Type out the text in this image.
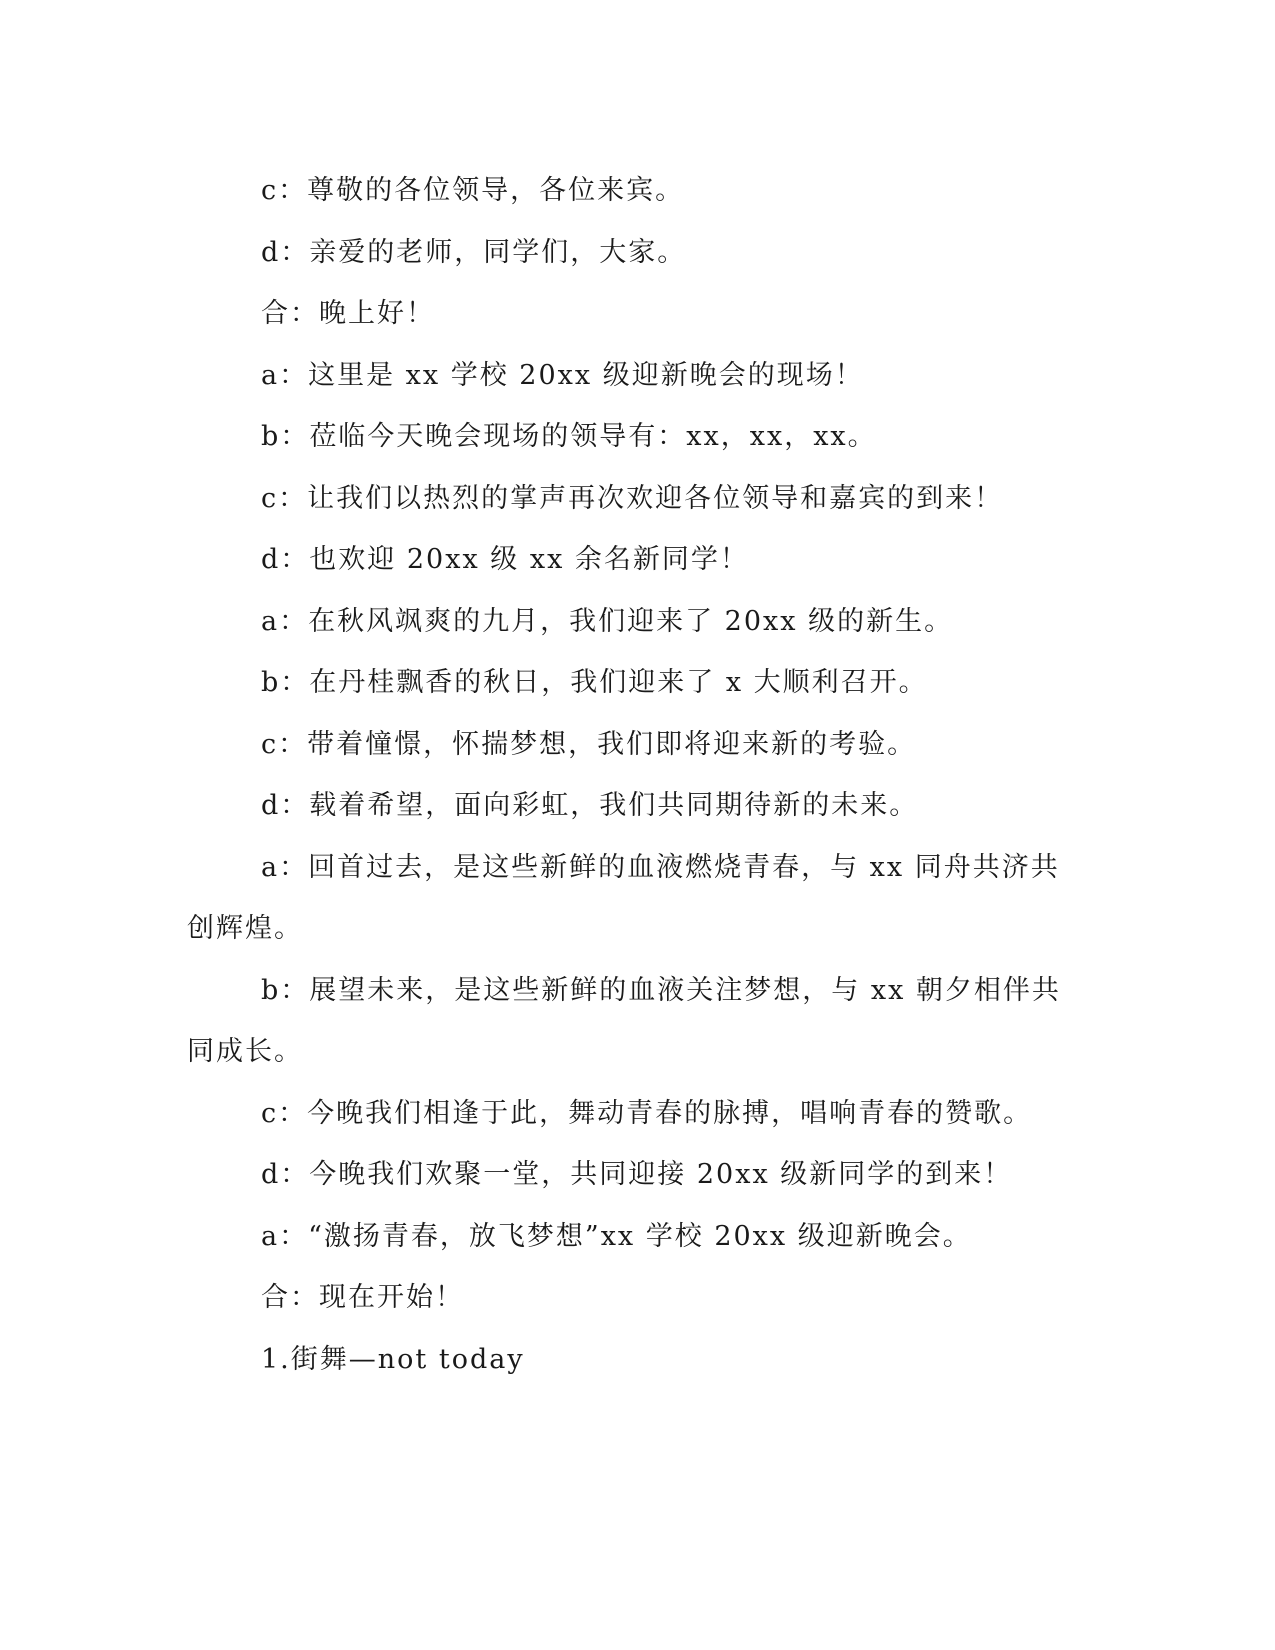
c：尊敬的各位领导，各位来宾。

d：亲爱的老师，同学们，大家。

合：晚上好！

a：这里是 xx 学校 20xx 级迎新晚会的现场！

b：莅临今天晚会现场的领导有：xx，xx，xx。

c：让我们以热烈的掌声再次欢迎各位领导和嘉宾的到来！

d：也欢迎 20xx 级 xx 余名新同学！

a：在秋风飒爽的九月，我们迎来了 20xx 级的新生。

b：在丹桂飘香的秋日，我们迎来了 x 大顺利召开。

c：带着憧憬，怀揣梦想，我们即将迎来新的考验。

d：载着希望，面向彩虹，我们共同期待新的未来。

a：回首过去，是这些新鲜的血液燃烧青春，与 xx 同舟共济共创辉煌。

b：展望未来，是这些新鲜的血液关注梦想，与 xx 朝夕相伴共同成长。

c：今晚我们相逢于此，舞动青春的脉搏，唱响青春的赞歌。

d：今晚我们欢聚一堂，共同迎接 20xx 级新同学的到来！

a：“激扬青春，放飞梦想”xx 学校 20xx 级迎新晚会。

合：现在开始！

1.街舞—not today
